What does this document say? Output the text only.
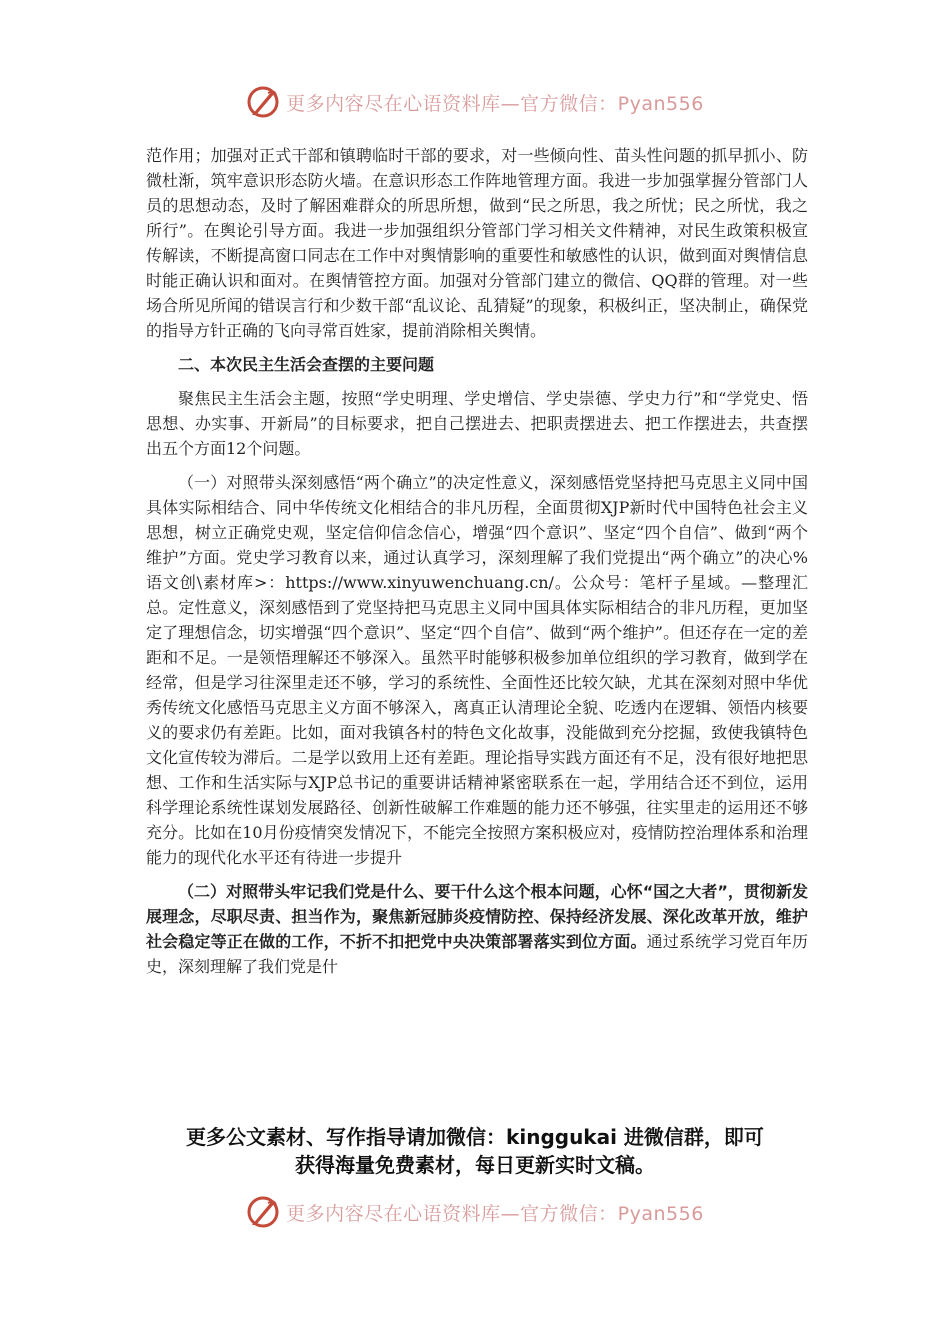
更多内容尽在心语资料库—官方微信：Pyan556

范作用；加强对正式干部和镇聘临时干部的要求，对一些倾向性、苗头性问题的抓早抓小、防微杜渐，筑牢意识形态防火墙。在意识形态工作阵地管理方面。我进一步加强掌握分管部门人员的思想动态，及时了解困难群众的所思所想，做到“民之所思，我之所忧；民之所忧，我之所行”。在舆论引导方面。我进一步加强组织分管部门学习相关文件精神，对民生政策积极宣传解读，不断提高窗口同志在工作中对舆情影响的重要性和敏感性的认识，做到面对舆情信息时能正确认识和面对。在舆情管控方面。加强对分管部门建立的微信、QQ群的管理。对一些场合所见所闻的错误言行和少数干部“乱议论、乱猜疑”的现象，积极纠正，坚决制止，确保党的指导方针正确的飞向寻常百姓家，提前消除相关舆情。

二、本次民主生活会查摆的主要问题

聚焦民主生活会主题，按照“学史明理、学史增信、学史崇德、学史力行”和“学党史、悟思想、办实事、开新局”的目标要求，把自己摆进去、把职责摆进去、把工作摆进去，共查摆出五个方面12个问题。

（一）对照带头深刻感悟“两个确立”的决定性意义，深刻感悟党坚持把马克思主义同中国具体实际相结合、同中华传统文化相结合的非凡历程，全面贯彻XJP新时代中国特色社会主义思想，树立正确党史观，坚定信仰信念信心，增强“四个意识”、坚定“四个自信”、做到“两个维护”方面。党史学习教育以来，通过认真学习，深刻理解了我们党提出“两个确立”的决心%语文创\素材库>：https://www.xinyuwenchuang.cn/。公众号：笔杆子星域。—整理汇总。定性意义，深刻感悟到了党坚持把马克思主义同中国具体实际相结合的非凡历程，更加坚定了理想信念，切实增强“四个意识”、坚定“四个自信”、做到“两个维护”。但还存在一定的差距和不足。一是领悟理解还不够深入。虽然平时能够积极参加单位组织的学习教育，做到学在经常，但是学习往深里走还不够，学习的系统性、全面性还比较欠缺，尤其在深刻对照中华优秀传统文化感悟马克思主义方面不够深入，离真正认清理论全貌、吃透内在逻辑、领悟内核要义的要求仍有差距。比如，面对我镇各村的特色文化故事，没能做到充分挖掘，致使我镇特色文化宣传较为滞后。二是学以致用上还有差距。理论指导实践方面还有不足，没有很好地把思想、工作和生活实际与XJP总书记的重要讲话精神紧密联系在一起，学用结合还不到位，运用科学理论系统性谋划发展路径、创新性破解工作难题的能力还不够强，往实里走的运用还不够充分。比如在10月份疫情突发情况下，不能完全按照方案积极应对，疫情防控治理体系和治理能力的现代化水平还有待进一步提升

（二）对照带头牢记我们党是什么、要干什么这个根本问题，心怀“国之大者”，贯彻新发展理念，尽职尽责、担当作为，聚焦新冠肺炎疫情防控、保持经济发展、深化改革开放，维护社会稳定等正在做的工作，不折不扣把党中央决策部署落实到位方面。通过系统学习党百年历史，深刻理解了我们党是什

更多公文素材、写作指导请加微信：kinggukai 进微信群，即可
获得海量免费素材，每日更新实时文稿。
更多内容尽在心语资料库—官方微信：Pyan556
